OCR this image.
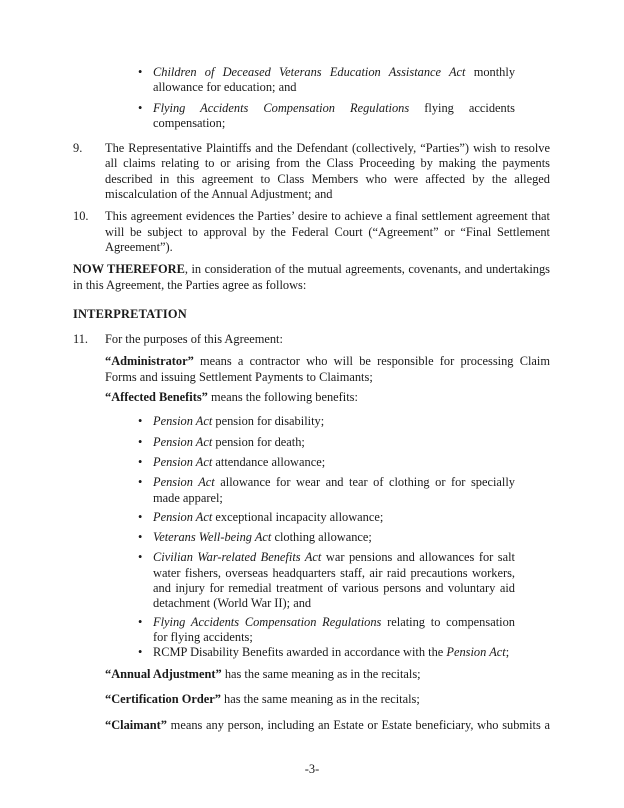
• Children of Deceased Veterans Education Assistance Act monthly allowance for education; and
• Flying Accidents Compensation Regulations flying accidents compensation;
9.	The Representative Plaintiffs and the Defendant (collectively, “Parties”) wish to resolve all claims relating to or arising from the Class Proceeding by making the payments described in this agreement to Class Members who were affected by the alleged miscalculation of the Annual Adjustment; and
10.	This agreement evidences the Parties’ desire to achieve a final settlement agreement that will be subject to approval by the Federal Court (“Agreement” or “Final Settlement Agreement”).

NOW THEREFORE, in consideration of the mutual agreements, covenants, and undertakings in this Agreement, the Parties agree as follows:

INTERPRETATION
11.	For the purposes of this Agreement:

“Administrator” means a contractor who will be responsible for processing Claim Forms and issuing Settlement Payments to Claimants;

“Affected Benefits” means the following benefits:

• Pension Act pension for disability;
• Pension Act pension for death;
• Pension Act attendance allowance;
• Pension Act allowance for wear and tear of clothing or for specially made apparel;
• Pension Act exceptional incapacity allowance;
• Veterans Well-being Act clothing allowance;
• Civilian War-related Benefits Act war pensions and allowances for salt water fishers, overseas headquarters staff, air raid precautions workers, and injury for remedial treatment of various persons and voluntary aid detachment (World War II); and
• Flying Accidents Compensation Regulations relating to compensation for flying accidents;
• RCMP Disability Benefits awarded in accordance with the Pension Act;

“Annual Adjustment” has the same meaning as in the recitals;

“Certification Order” has the same meaning as in the recitals;

“Claimant” means any person, including an Estate or Estate beneficiary, who submits a

-3-
